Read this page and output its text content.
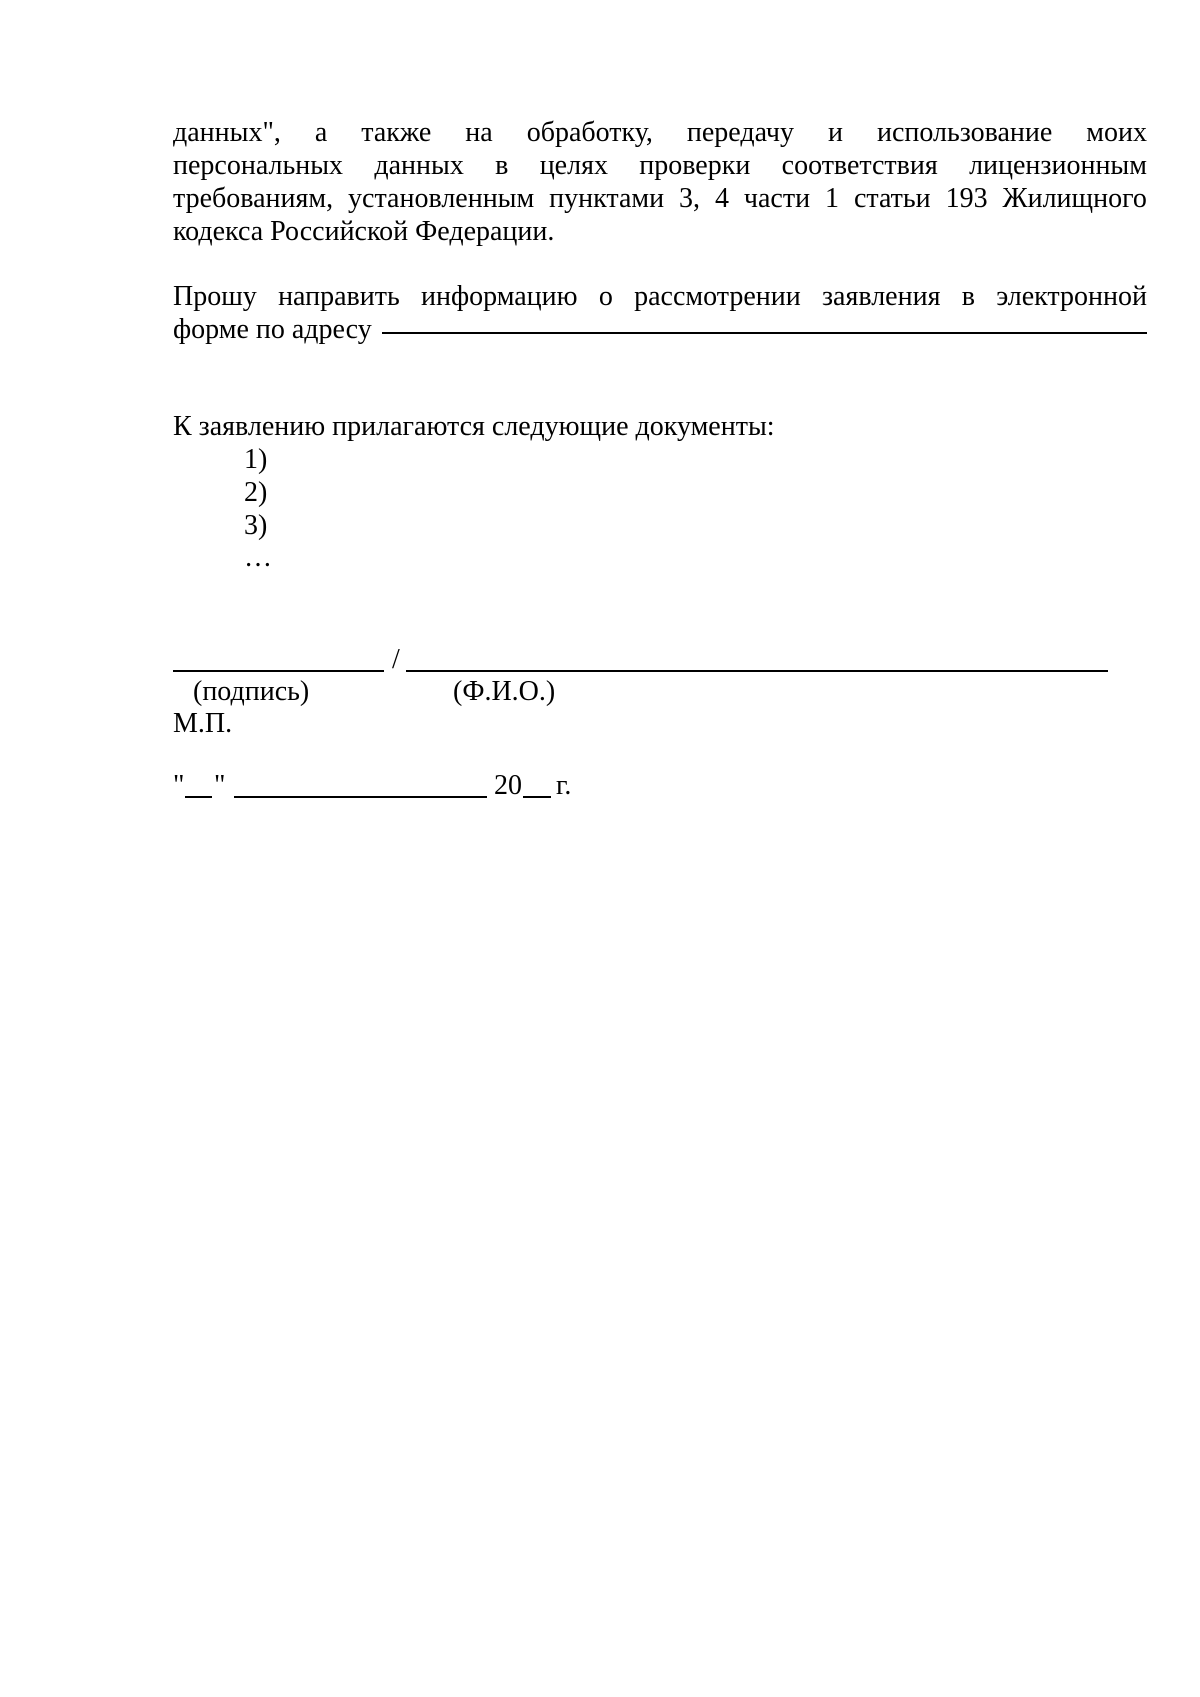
данных", а также на обработку, передачу и использование моих
персональных данных в целях проверки соответствия лицензионным
требованиям, установленным пунктами 3, 4 части 1 статьи 193 Жилищного
кодекса Российской Федерации.
Прошу направить информацию о рассмотрении заявления в электронной
форме по адресу
К заявлению прилагаются следующие документы:
1)
2)
3)
…
/
(подпись)	(Ф.И.О.)
М.П.
" "	20 г.
